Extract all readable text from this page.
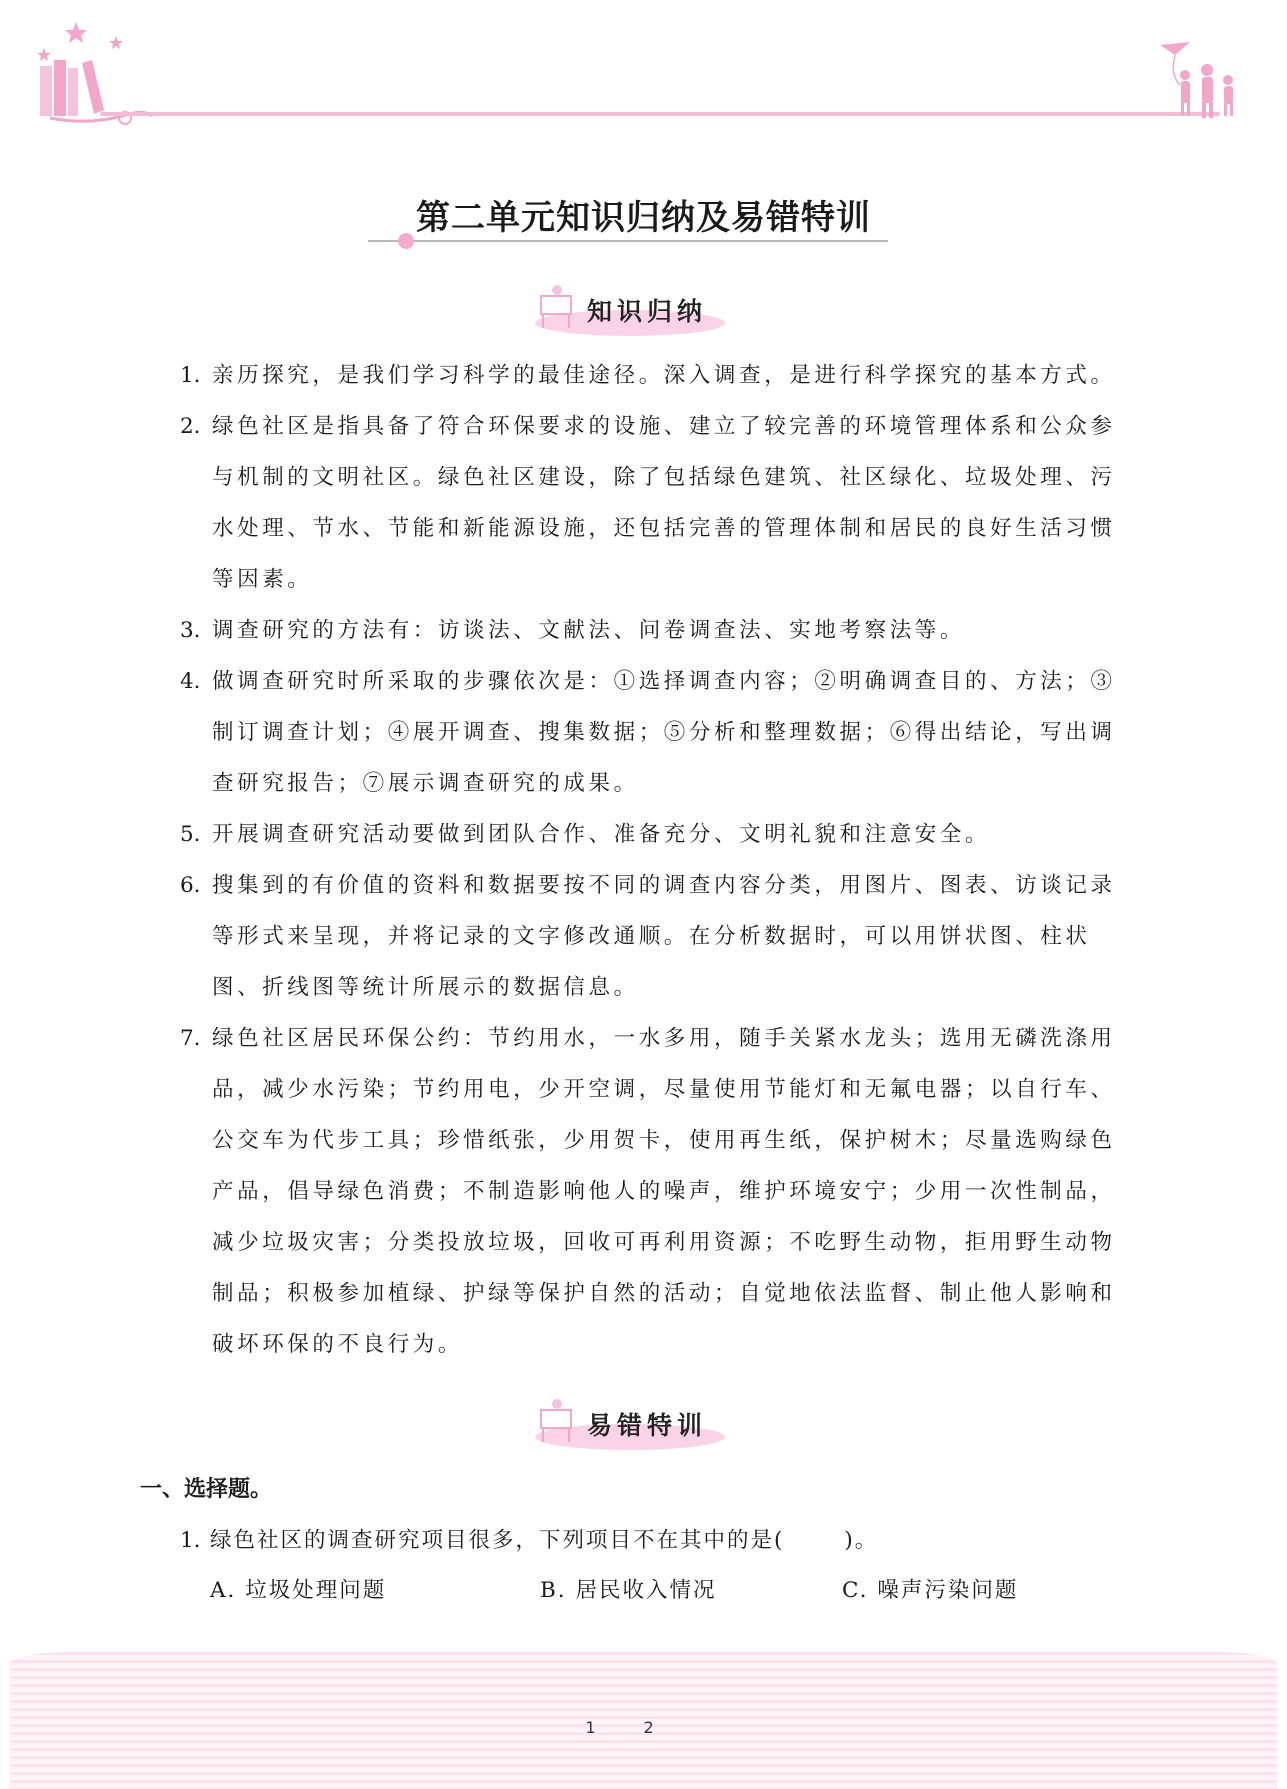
第二单元知识归纳及易错特训
知识归纳

1. 亲历探究，是我们学习科学的最佳途径。深入调查，是进行科学探究的基本方式。

2. 绿色社区是指具备了符合环保要求的设施、建立了较完善的环境管理体系和公众参与机制的文明社区。绿色社区建设，除了包括绿色建筑、社区绿化、垃圾处理、污水处理、节水、节能和新能源设施，还包括完善的管理体制和居民的良好生活习惯等因素。

3. 调查研究的方法有：访谈法、文献法、问卷调查法、实地考察法等。

4. 做调查研究时所采取的步骤依次是：①选择调查内容；②明确调查目的、方法；③制订调查计划；④展开调查、搜集数据；⑤分析和整理数据；⑥得出结论，写出调查研究报告；⑦展示调查研究的成果。

5. 开展调查研究活动要做到团队合作、准备充分、文明礼貌和注意安全。

6. 搜集到的有价值的资料和数据要按不同的调查内容分类，用图片、图表、访谈记录等形式来呈现，并将记录的文字修改通顺。在分析数据时，可以用饼状图、柱状图、折线图等统计所展示的数据信息。

7. 绿色社区居民环保公约：节约用水，一水多用，随手关紧水龙头；选用无磷洗涤用品，减少水污染；节约用电，少开空调，尽量使用节能灯和无氟电器；以自行车、公交车为代步工具；珍惜纸张，少用贺卡，使用再生纸，保护树木；尽量选购绿色产品，倡导绿色消费；不制造影响他人的噪声，维护环境安宁；少用一次性制品，减少垃圾灾害；分类投放垃圾，回收可再利用资源；不吃野生动物，拒用野生动物制品；积极参加植绿、护绿等保护自然的活动；自觉地依法监督、制止他人影响和破坏环保的不良行为。

易错特训
一、选择题。
1. 绿色社区的调查研究项目很多，下列项目不在其中的是(	)。
A. 垃圾处理问题	B. 居民收入情况	C. 噪声污染问题
12
